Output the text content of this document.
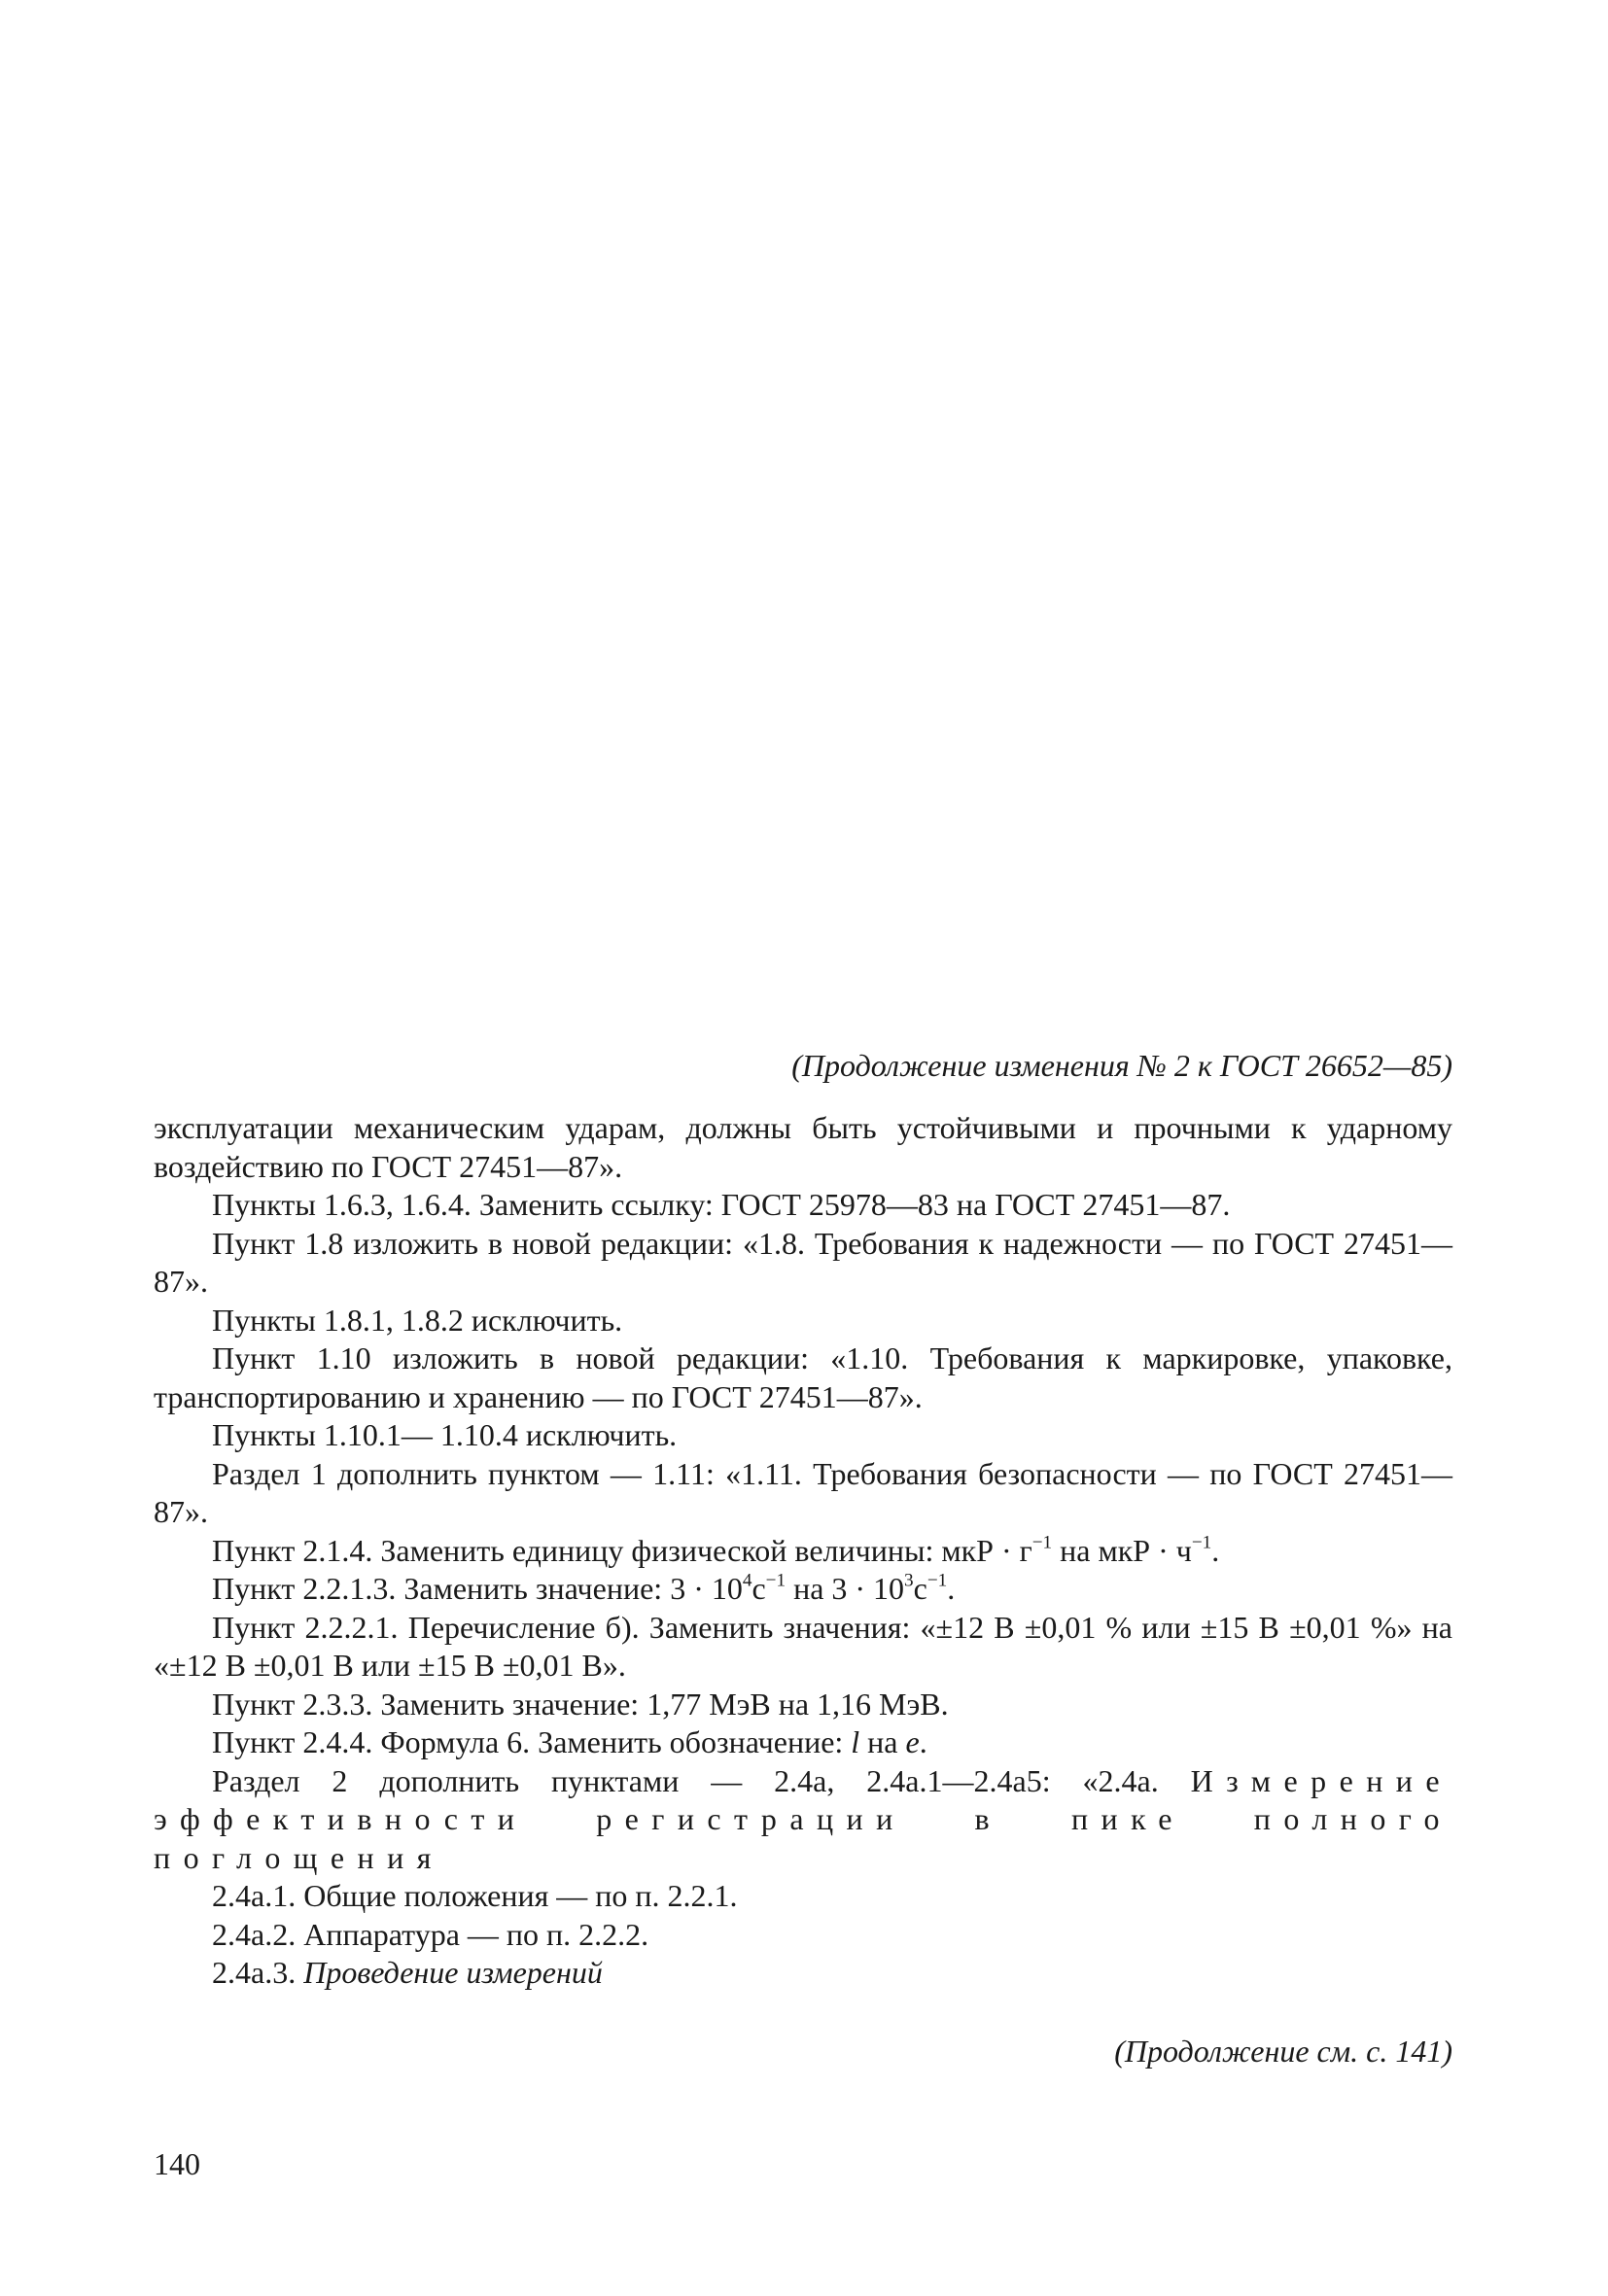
(Продолжение изменения № 2 к ГОСТ 26652—85)

эксплуатации механическим ударам, должны быть устойчивыми и прочными к ударному воздействию по ГОСТ 27451—87».

Пункты 1.6.3, 1.6.4. Заменить ссылку: ГОСТ 25978—83 на ГОСТ 27451—87.

Пункт 1.8 изложить в новой редакции: «1.8. Требования к надежности — по ГОСТ 27451—87».

Пункты 1.8.1, 1.8.2 исключить.

Пункт 1.10 изложить в новой редакции: «1.10. Требования к маркировке, упаковке, транспортированию и хранению — по ГОСТ 27451—87».

Пункты 1.10.1— 1.10.4 исключить.

Раздел 1 дополнить пунктом — 1.11: «1.11. Требования безопасности — по ГОСТ 27451—87».

Пункт 2.1.4. Заменить единицу физической величины: мкР · $г^{-1}$ на мкР · $ч^{-1}$.

Пункт 2.2.1.3. Заменить значение: $3 \cdot 10^4с^{-1}$ на $3 \cdot 10^3с^{-1}$.

Пункт 2.2.2.1. Перечисление б). Заменить значения: «±12 В ±0,01 % или ±15 В ±0,01 %» на «±12 В ±0,01 В или ±15 В ±0,01 В».

Пункт 2.3.3. Заменить значение: 1,77 МэВ на 1,16 МэВ.

Пункт 2.4.4. Формула 6. Заменить обозначение: l на e.

Раздел 2 дополнить пунктами — 2.4а, 2.4а.1—2.4а5: «2.4а. Измерение эффективности регистрации в пике полного поглощения

2.4а.1. Общие положения — по п. 2.2.1.

2.4а.2. Аппаратура — по п. 2.2.2.

2.4а.3. Проведение измерений

(Продолжение см. с. 141)
140
